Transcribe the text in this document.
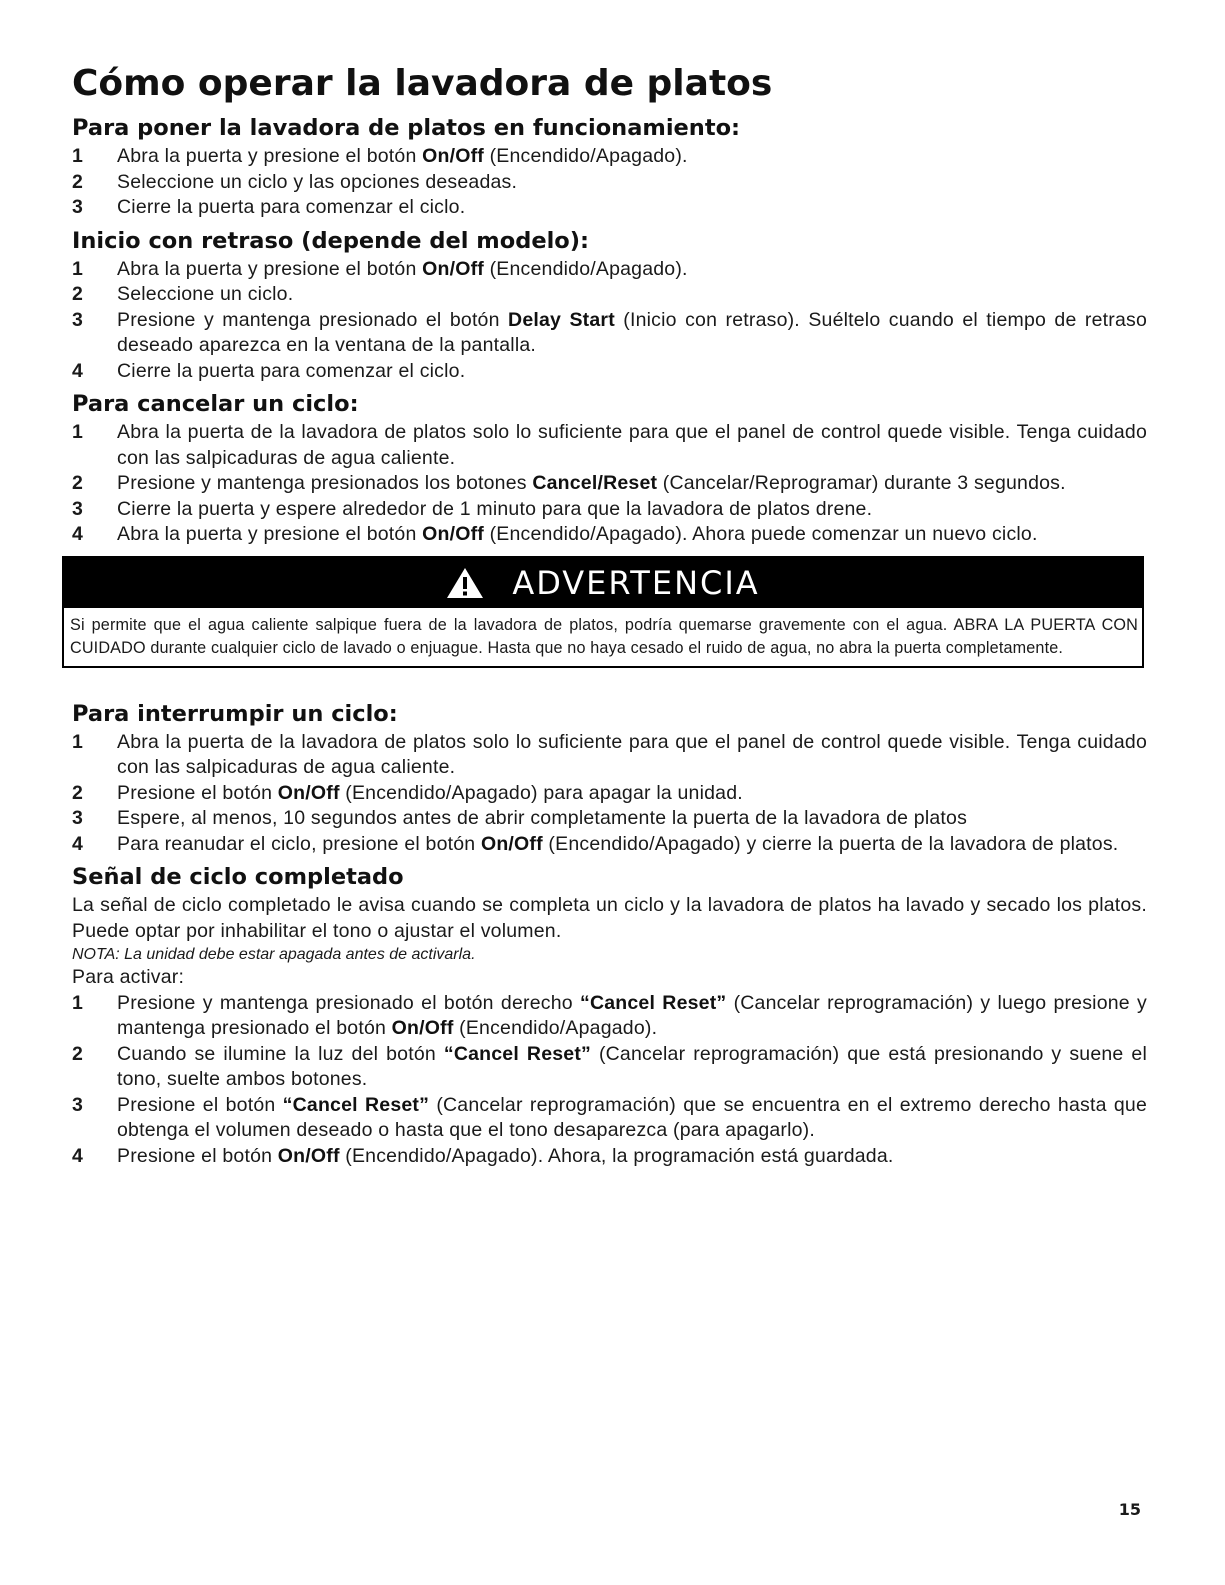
Cómo operar la lavadora de platos
Para poner la lavadora de platos en funcionamiento:
1 Abra la puerta y presione el botón On/Off (Encendido/Apagado).
2 Seleccione un ciclo y las opciones deseadas.
3 Cierre la puerta para comenzar el ciclo.
Inicio con retraso (depende del modelo):
1 Abra la puerta y presione el botón On/Off (Encendido/Apagado).
2 Seleccione un ciclo.
3 Presione y mantenga presionado el botón Delay Start (Inicio con retraso). Suéltelo cuando el tiempo de retraso deseado aparezca en la ventana de la pantalla.
4 Cierre la puerta para comenzar el ciclo.
Para cancelar un ciclo:
1 Abra la puerta de la lavadora de platos solo lo suficiente para que el panel de control quede visible. Tenga cuidado con las salpicaduras de agua caliente.
2 Presione y mantenga presionados los botones Cancel/Reset (Cancelar/Reprogramar) durante 3 segundos.
3 Cierre la puerta y espere alrededor de 1 minuto para que la lavadora de platos drene.
4 Abra la puerta y presione el botón On/Off (Encendido/Apagado). Ahora puede comenzar un nuevo ciclo.
ADVERTENCIA
Si permite que el agua caliente salpique fuera de la lavadora de platos, podría quemarse gravemente con el agua. ABRA LA PUERTA CON CUIDADO durante cualquier ciclo de lavado o enjuague. Hasta que no haya cesado el ruido de agua, no abra la puerta completamente.
Para interrumpir un ciclo:
1 Abra la puerta de la lavadora de platos solo lo suficiente para que el panel de control quede visible. Tenga cuidado con las salpicaduras de agua caliente.
2 Presione el botón On/Off (Encendido/Apagado) para apagar la unidad.
3 Espere, al menos, 10 segundos antes de abrir completamente la puerta de la lavadora de platos
4 Para reanudar el ciclo, presione el botón On/Off (Encendido/Apagado) y cierre la puerta de la lavadora de platos.
Señal de ciclo completado

La señal de ciclo completado le avisa cuando se completa un ciclo y la lavadora de platos ha lavado y secado los platos. Puede optar por inhabilitar el tono o ajustar el volumen.

NOTA: La unidad debe estar apagada antes de activarla.

Para activar:

1 Presione y mantenga presionado el botón derecho “Cancel Reset” (Cancelar reprogramación) y luego presione y mantenga presionado el botón On/Off (Encendido/Apagado).
2 Cuando se ilumine la luz del botón “Cancel Reset” (Cancelar reprogramación) que está presionando y suene el tono, suelte ambos botones.
3 Presione el botón “Cancel Reset” (Cancelar reprogramación) que se encuentra en el extremo derecho hasta que obtenga el volumen deseado o hasta que el tono desaparezca (para apagarlo).
4 Presione el botón On/Off (Encendido/Apagado). Ahora, la programación está guardada.
15
